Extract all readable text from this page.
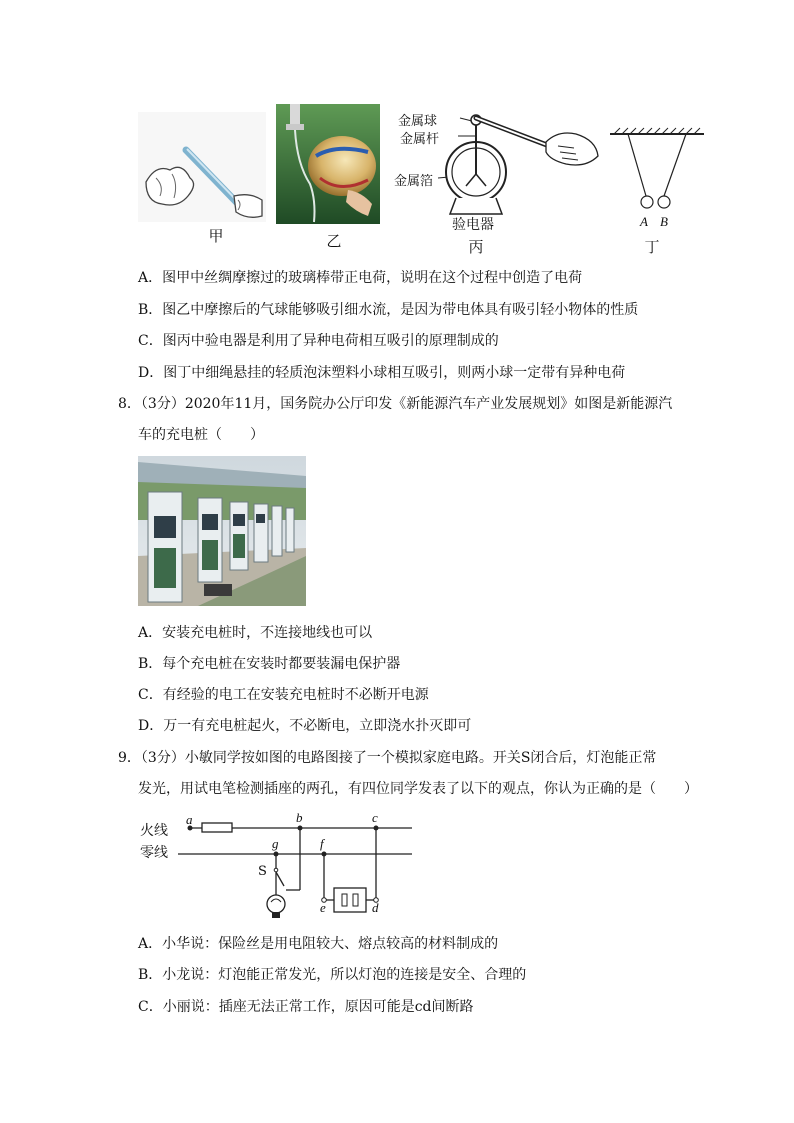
甲	乙
金属球
金属杆
金属箔
验电器
丙
A B
丁
A．图甲中丝绸摩擦过的玻璃棒带正电荷，说明在这个过程中创造了电荷
B．图乙中摩擦后的气球能够吸引细水流，是因为带电体具有吸引轻小物体的性质
C．图丙中验电器是利用了异种电荷相互吸引的原理制成的
D．图丁中细绳悬挂的轻质泡沫塑料小球相互吸引，则两小球一定带有异种电荷
8．（3分）2020年11月，国务院办公厅印发《新能源汽车产业发展规划》如图是新能源汽
车的充电桩（　　）
A．安装充电桩时，不连接地线也可以
B．每个充电桩在安装时都要装漏电保护器
C．有经验的电工在安装充电桩时不必断开电源
D．万一有充电桩起火，不必断电，立即浇水扑灭即可
9．（3分）小敏同学按如图的电路图接了一个模拟家庭电路。开关S闭合后，灯泡能正常
发光，用试电笔检测插座的两孔，有四位同学发表了以下的观点，你认为正确的是（　　）
火线
零线
a	b	c
g	f
S
e	d
A．小华说：保险丝是用电阻较大、熔点较高的材料制成的
B．小龙说：灯泡能正常发光，所以灯泡的连接是安全、合理的
C．小丽说：插座无法正常工作，原因可能是cd间断路
